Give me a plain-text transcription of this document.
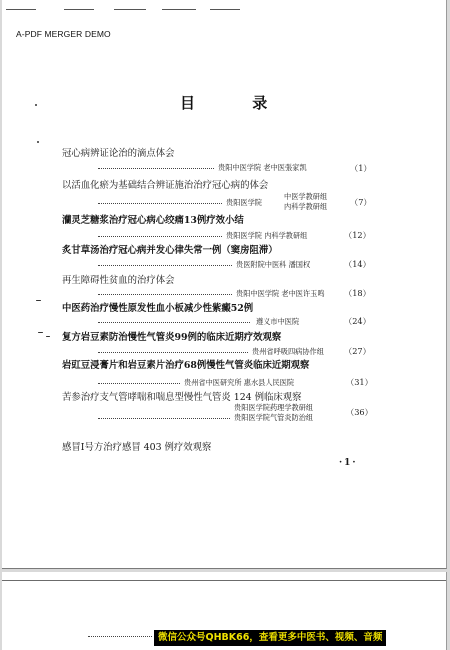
A-PDF MERGER DEMO
目 录
冠心病辨证论治的滴点体会
贵阳中医学院 老中医張家凯	（1）
以活血化瘀为基础结合辨证施治治疗冠心病的体会
贵阳医学院
中医学教研组
内科学教研组	（7）
灡灵芝糖浆治疗冠心病心绞痛13例疗效小结
贵阳医学院 内科学教研组	（12）
炙甘草汤治疗冠心病并发心律失常一例（窦房阻滞）
贵医附院中医科 潘国权	（14）
再生障碍性贫血的治疗体会
贵阳中医学院 老中医许玉鸣 （18）
中医药治疗慢性原发性血小板减少性紫癜52例
遵义市中医院	（24）
复方岩豆素防治慢性气管炎99例的临床近期疗效观察
贵州省呼吸四病协作组 （27）
岩豇豆浸膏片和岩豆素片治疗68例慢性气管炎临床近期观察
贵州省中医研究所 惠水县人民医院	（31）
苦参治疗支气管哮喘和喘息型慢性气管炎 124 例临床观察
贵阳医学院药理学教研组
贵阳医学院气管炎防治组
（36）
感冒Ⅰ号方治疗感冒 403 例疗效观察
·1·
微信公众号QHBK66，查看更多中医书、视频、音频
